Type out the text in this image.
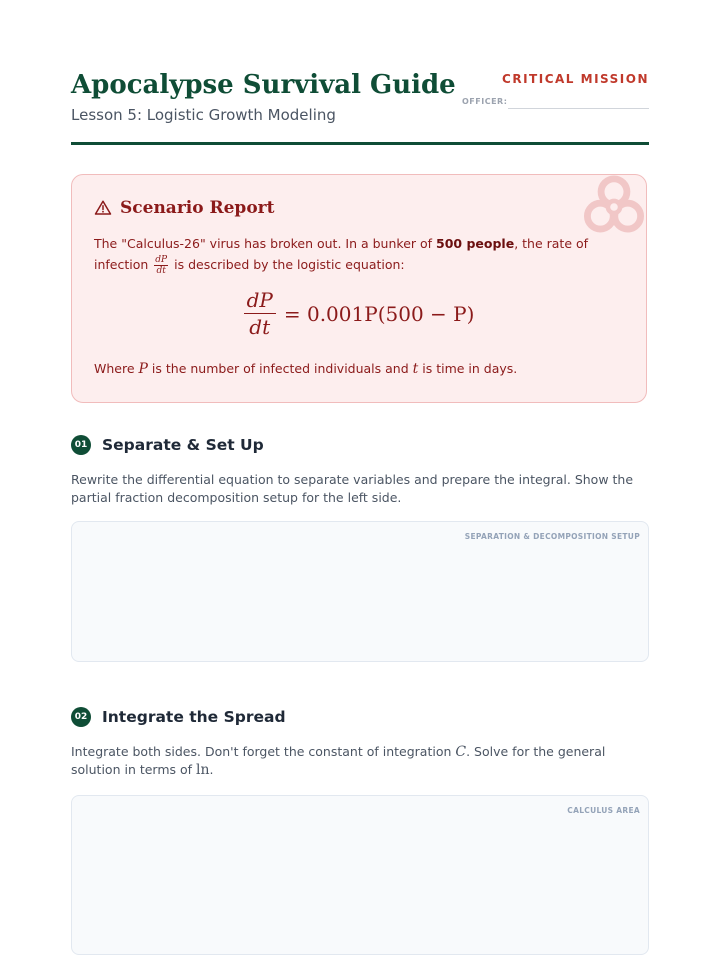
Apocalypse Survival Guide
Lesson 5: Logistic Growth Modeling
CRITICAL MISSION
OFFICER:
Scenario Report
The "Calculus-26" virus has broken out. In a bunker of 500 people, the rate of infection $\frac{dP}{dt}$ is described by the logistic equation:
$\frac{dP}{dt} = 0.001P(500 - P)$
Where P is the number of infected individuals and t is time in days.
01 Separate & Set Up
Rewrite the differential equation to separate variables and prepare the integral. Show the partial fraction decomposition setup for the left side.
SEPARATION & DECOMPOSITION SETUP
02 Integrate the Spread
Integrate both sides. Don't forget the constant of integration C. Solve for the general solution in terms of ln.
CALCULUS AREA
